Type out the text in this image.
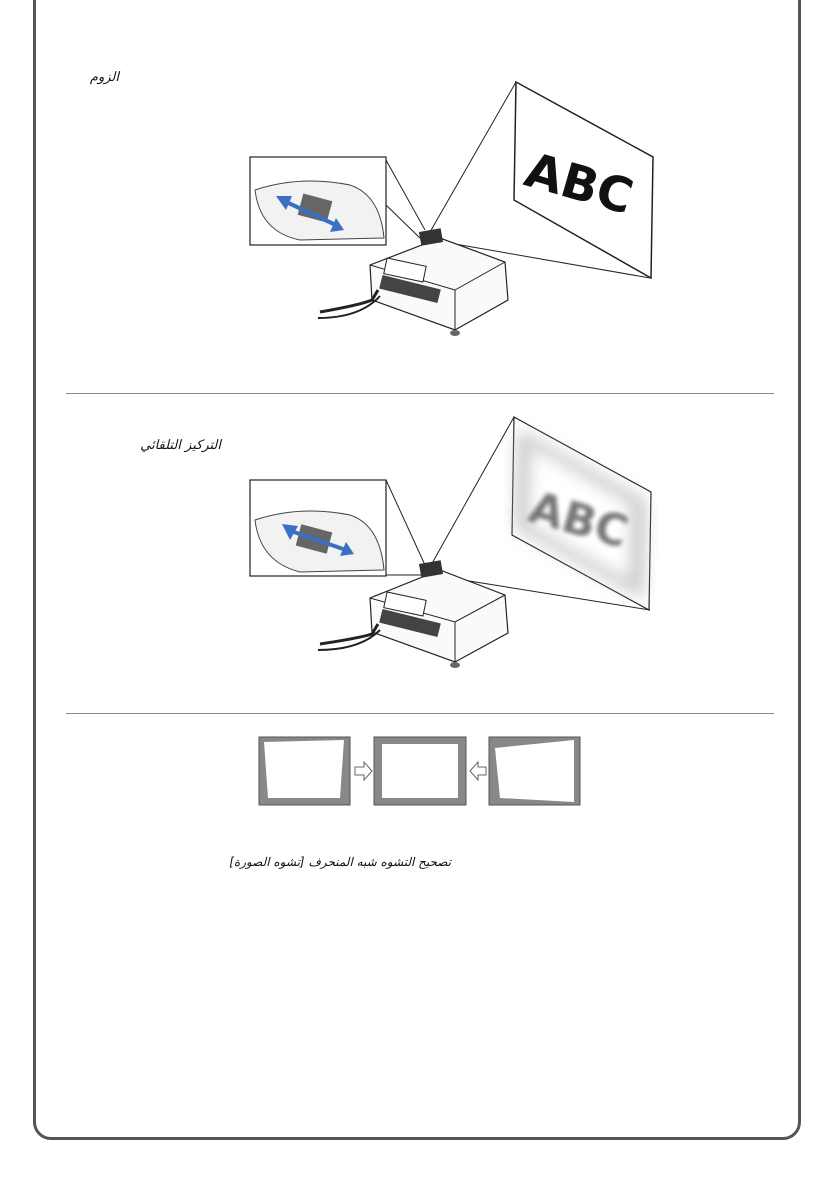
الزوم
ABC
التركيز التلقائي
ABC
تصحيح التشوه شبه المنحرف [تشوه الصورة]
